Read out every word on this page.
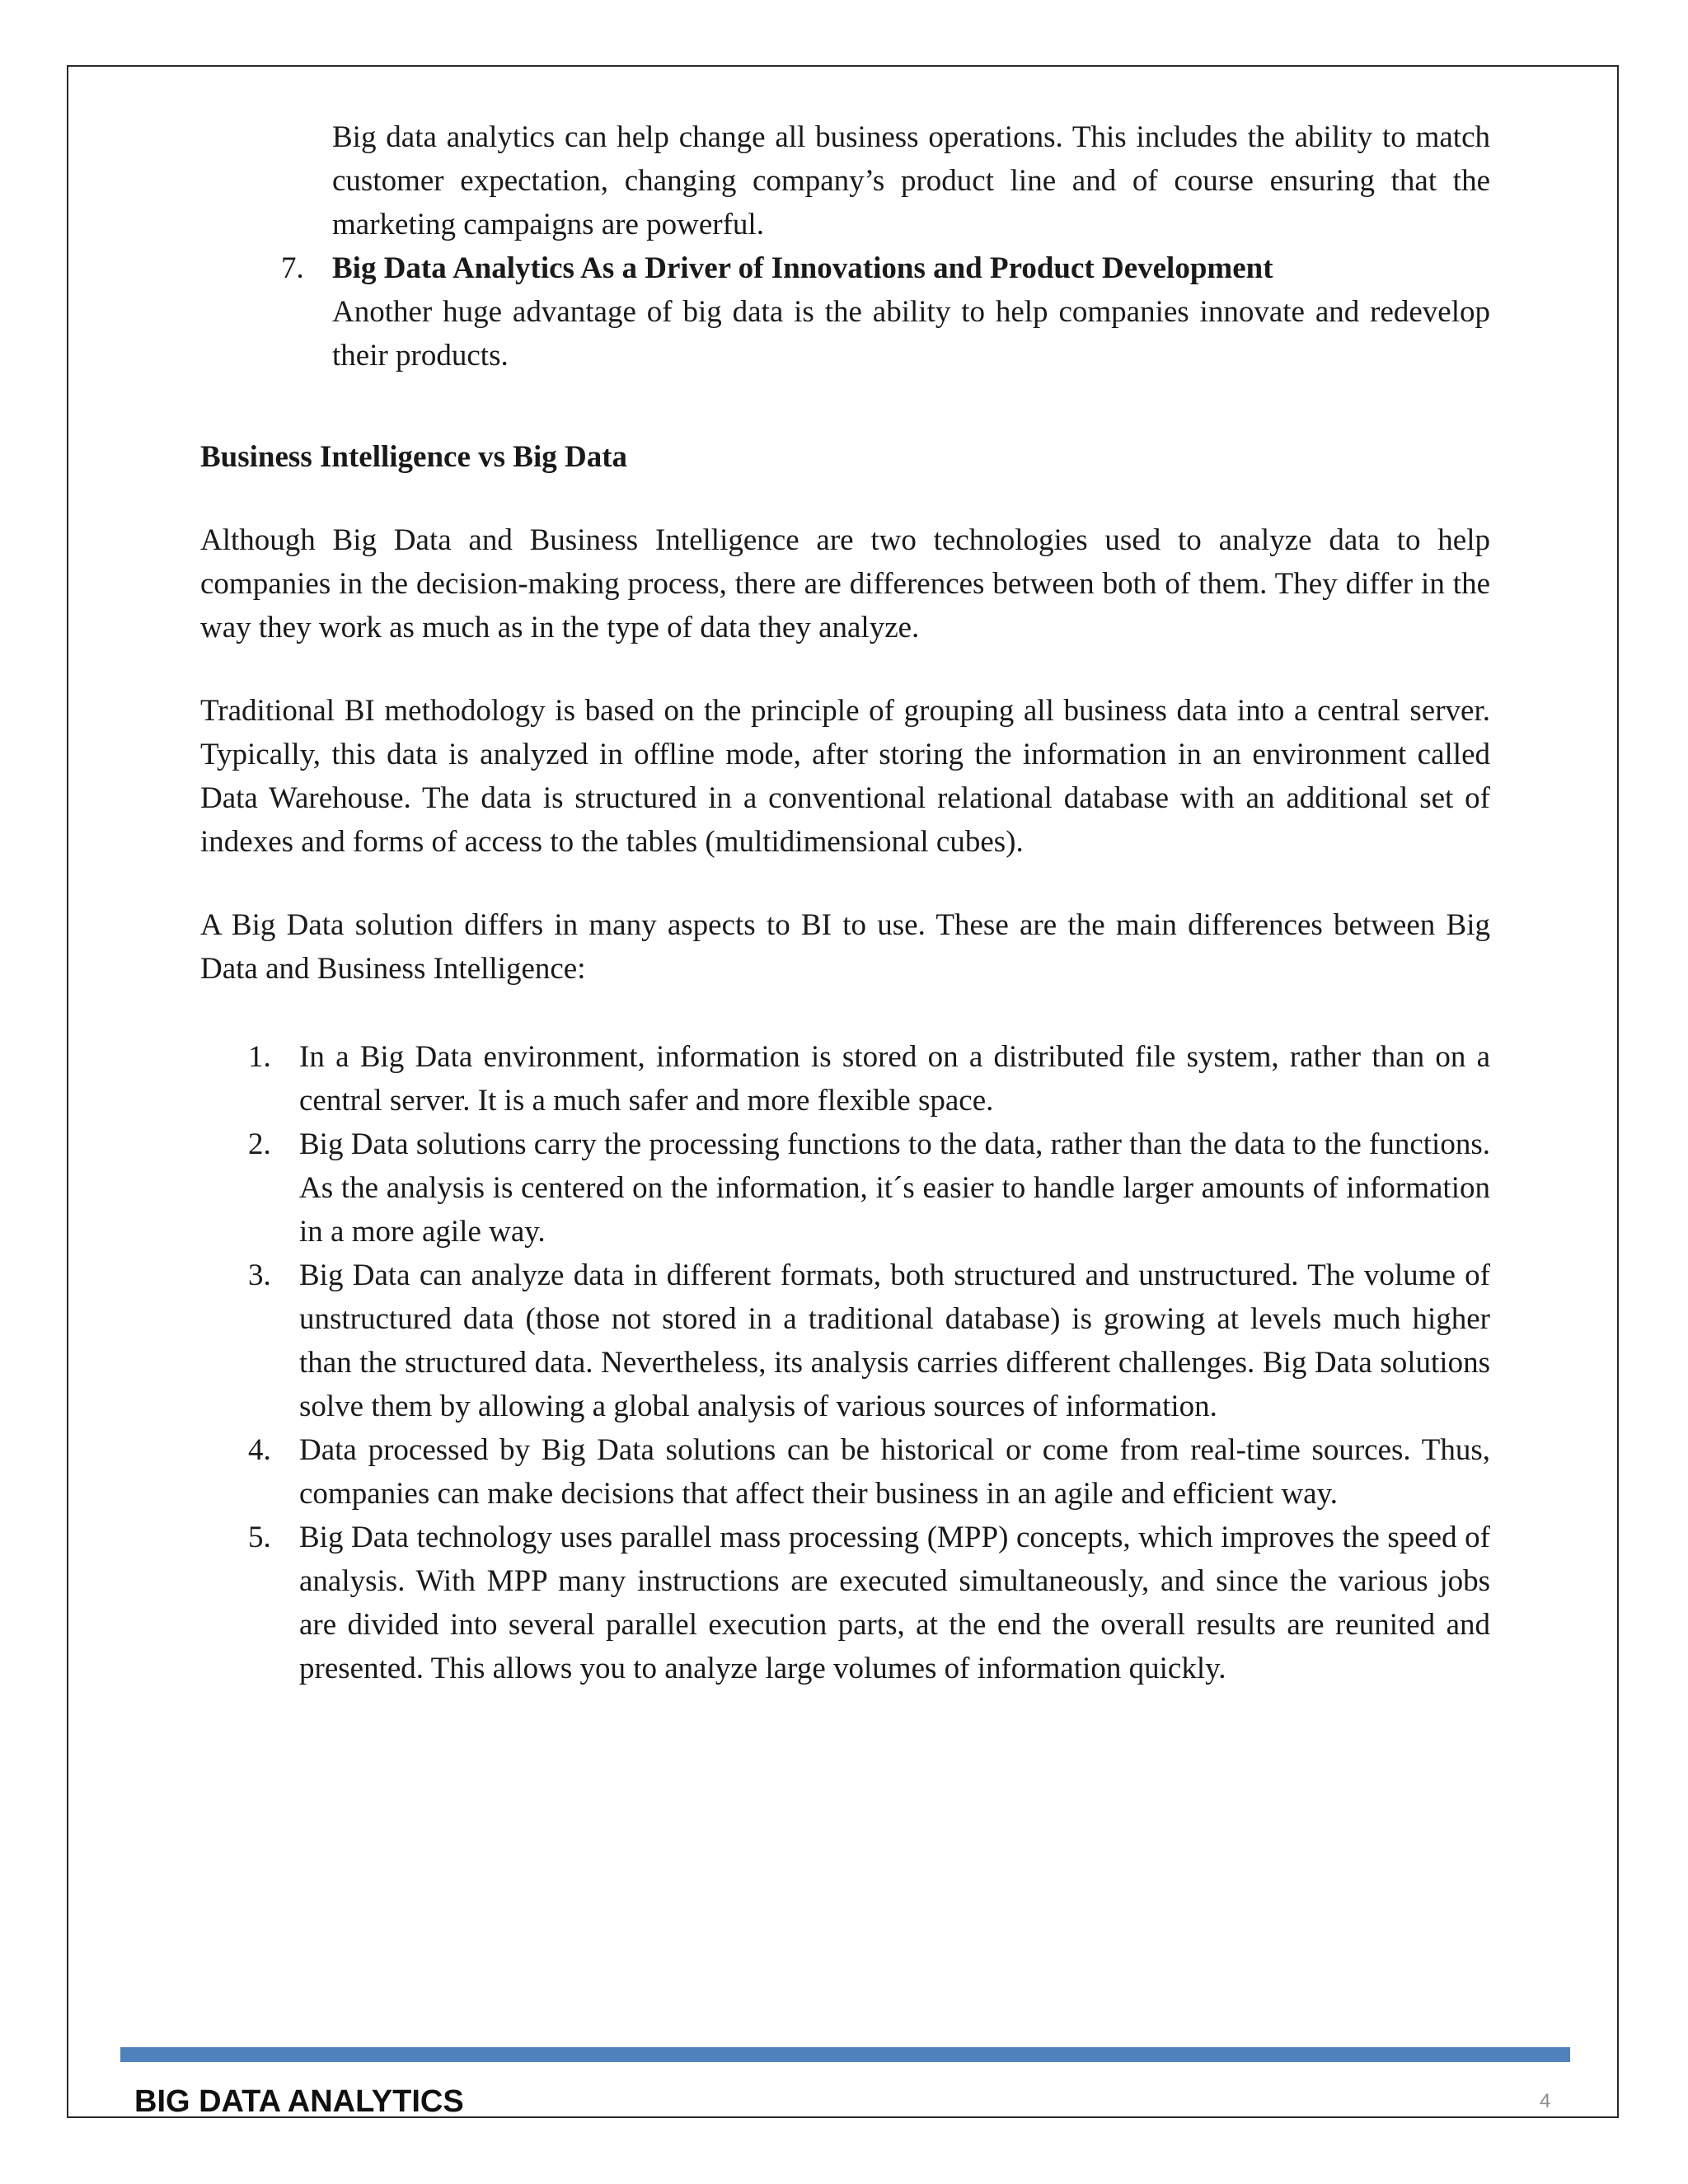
Big data analytics can help change all business operations. This includes the ability to match customer expectation, changing company’s product line and of course ensuring that the marketing campaigns are powerful.

7. Big Data Analytics As a Driver of Innovations and Product Development

Another huge advantage of big data is the ability to help companies innovate and redevelop their products.

Business Intelligence vs Big Data

Although Big Data and Business Intelligence are two technologies used to analyze data to help companies in the decision-making process, there are differences between both of them. They differ in the way they work as much as in the type of data they analyze.

Traditional BI methodology is based on the principle of grouping all business data into a central server. Typically, this data is analyzed in offline mode, after storing the information in an environment called Data Warehouse. The data is structured in a conventional relational database with an additional set of indexes and forms of access to the tables (multidimensional cubes).

A Big Data solution differs in many aspects to BI to use. These are the main differences between Big Data and Business Intelligence:

1. In a Big Data environment, information is stored on a distributed file system, rather than on a central server. It is a much safer and more flexible space.
2. Big Data solutions carry the processing functions to the data, rather than the data to the functions. As the analysis is centered on the information, it´s easier to handle larger amounts of information in a more agile way.
3. Big Data can analyze data in different formats, both structured and unstructured. The volume of unstructured data (those not stored in a traditional database) is growing at levels much higher than the structured data. Nevertheless, its analysis carries different challenges. Big Data solutions solve them by allowing a global analysis of various sources of information.
4. Data processed by Big Data solutions can be historical or come from real-time sources. Thus, companies can make decisions that affect their business in an agile and efficient way.
5. Big Data technology uses parallel mass processing (MPP) concepts, which improves the speed of analysis. With MPP many instructions are executed simultaneously, and since the various jobs are divided into several parallel execution parts, at the end the overall results are reunited and presented. This allows you to analyze large volumes of information quickly.
BIG DATA ANALYTICS	4
